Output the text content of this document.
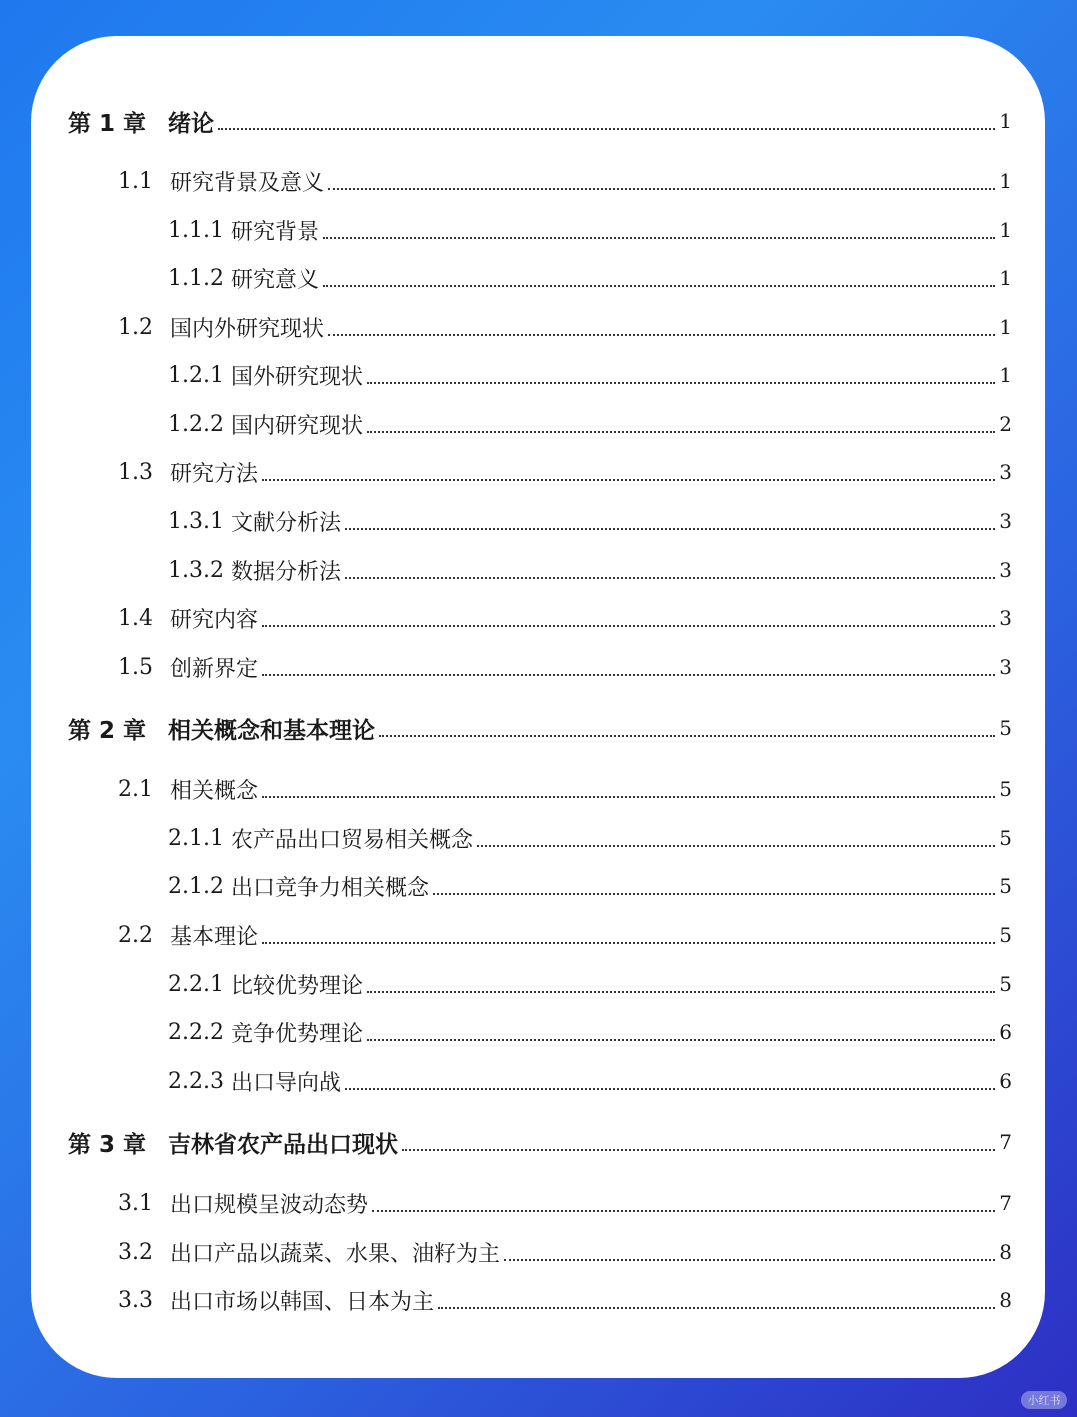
第 1 章 绪论	1
1.1 研究背景及意义	1
1.1.1 研究背景	1
1.1.2 研究意义	1
1.2 国内外研究现状	1
1.2.1 国外研究现状	1
1.2.2 国内研究现状	2
1.3 研究方法	3
1.3.1 文献分析法	3
1.3.2 数据分析法	3
1.4 研究内容	3
1.5 创新界定	3
第 2 章 相关概念和基本理论	5
2.1 相关概念	5
2.1.1 农产品出口贸易相关概念	5
2.1.2 出口竞争力相关概念	5
2.2 基本理论	5
2.2.1 比较优势理论	5
2.2.2 竞争优势理论	6
2.2.3 出口导向战	6
第 3 章 吉林省农产品出口现状	7
3.1 出口规模呈波动态势	7
3.2 出口产品以蔬菜、水果、油籽为主	8
3.3 出口市场以韩国、日本为主	8
小红书
